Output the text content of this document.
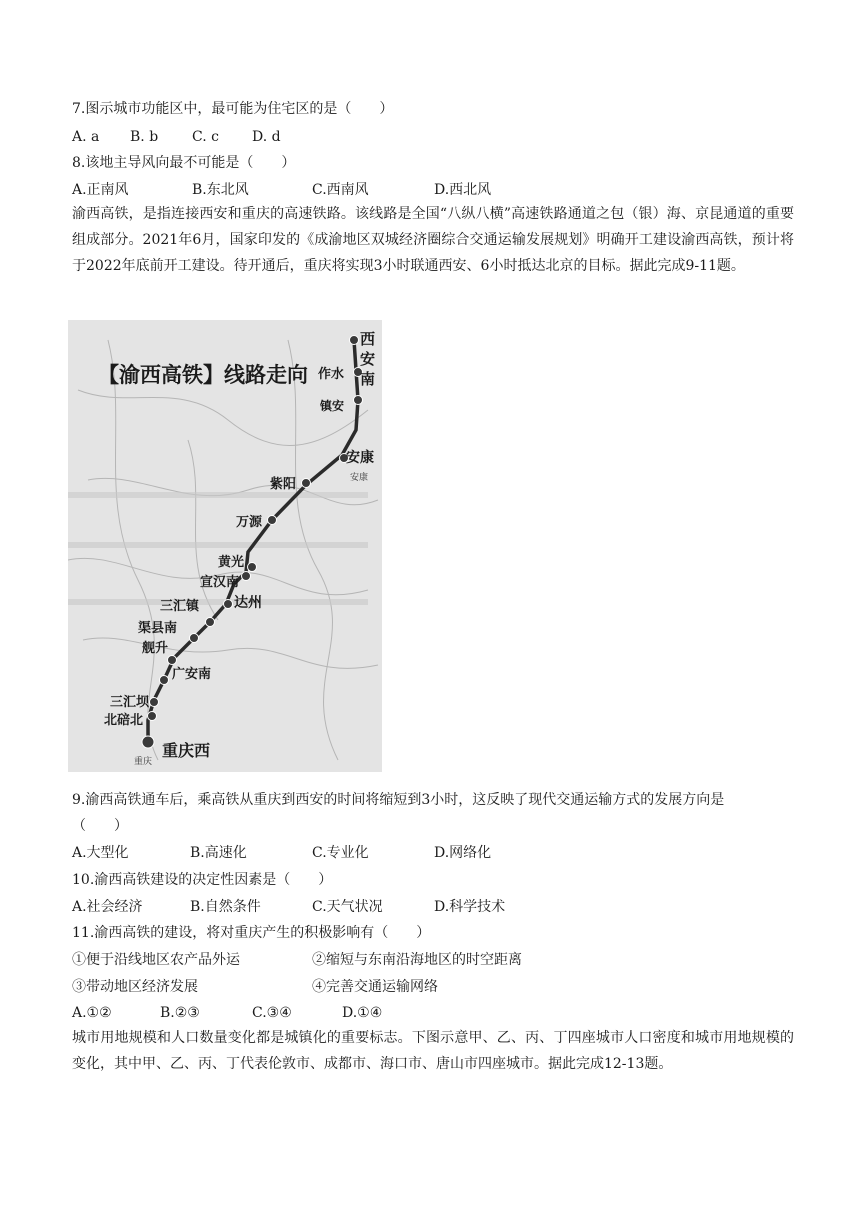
7.图示城市功能区中，最可能为住宅区的是（　　）
A. a B. b C. c D. d
8.该地主导风向最不可能是（　　）
A.正南风	B.东北风	C.西南风	D.西北风
渝西高铁，是指连接西安和重庆的高速铁路。该线路是全国“八纵八横”高速铁路通道之包（银）海、京昆通道的重要组成部分。2021年6月，国家印发的《成渝地区双城经济圈综合交通运输发展规划》明确开工建设渝西高铁，预计将于2022年底前开工建设。待开通后，重庆将实现3小时联通西安、6小时抵达北京的目标。据此完成9-11题。
【渝西高铁】线路走向
西
安
南
作水
镇安
安康
安康
紫阳
万源
黄光
宣汉南
达州
三汇镇
渠县南
舰升
广安南
三汇坝
北碚北
重庆西
重庆
9.渝西高铁通车后，乘高铁从重庆到西安的时间将缩短到3小时，这反映了现代交通运输方式的发展方向是
（　　）
A.大型化	B.高速化	C.专业化	D.网络化
10.渝西高铁建设的决定性因素是（　　）
A.社会经济	B.自然条件	C.天气状况	D.科学技术
11.渝西高铁的建设，将对重庆产生的积极影响有（　　）
①便于沿线地区农产品外运	②缩短与东南沿海地区的时空距离
③带动地区经济发展	④完善交通运输网络
A.①②	B.②③	C.③④	D.①④
城市用地规模和人口数量变化都是城镇化的重要标志。下图示意甲、乙、丙、丁四座城市人口密度和城市用地规模的变化，其中甲、乙、丙、丁代表伦敦市、成都市、海口市、唐山市四座城市。据此完成12-13题。
